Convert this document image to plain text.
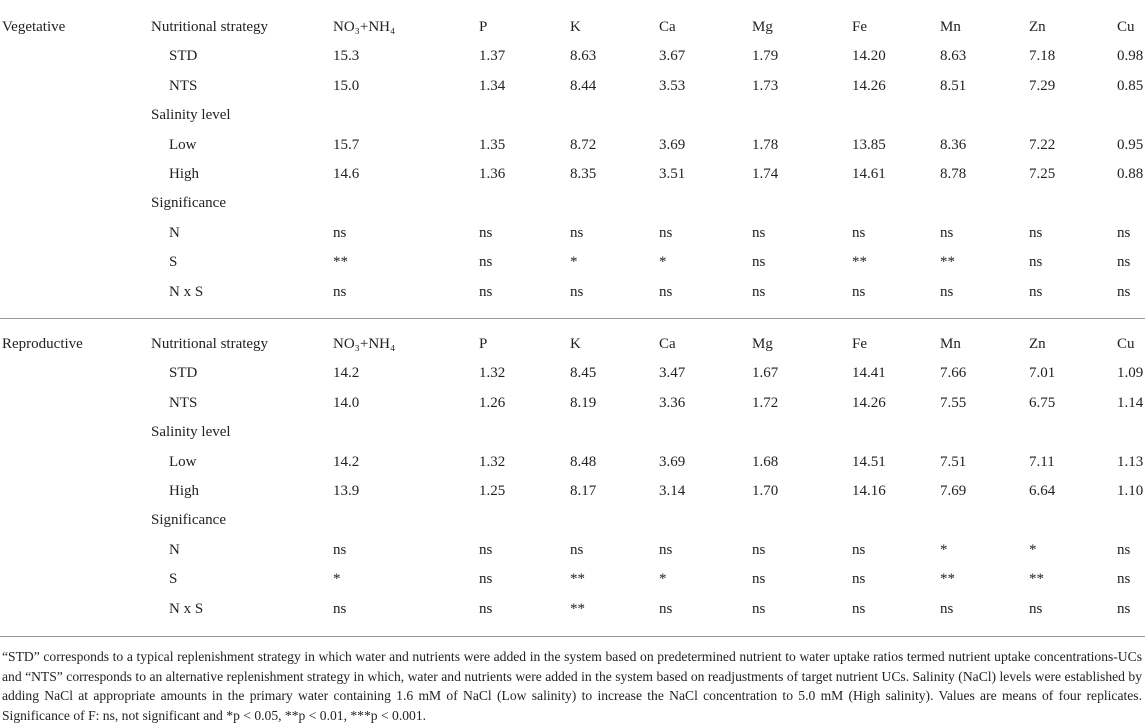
Vegetative	Nutritional strategy	NO₃+NH₄	P	K	Ca	Mg	Fe	Mn	Zn	Cu
STD	15.3	1.37	8.63	3.67	1.79	14.20	8.63	7.18	0.98
NTS	15.0	1.34	8.44	3.53	1.73	14.26	8.51	7.29	0.85
Salinity level
Low	15.7	1.35	8.72	3.69	1.78	13.85	8.36	7.22	0.95
High	14.6	1.36	8.35	3.51	1.74	14.61	8.78	7.25	0.88
Significance
N	ns	ns	ns	ns	ns	ns	ns	ns	ns
S	**	ns	*	*	ns	**	**	ns	ns
N x S	ns	ns	ns	ns	ns	ns	ns	ns	ns
Reproductive	Nutritional strategy	NO₃+NH₄	P	K	Ca	Mg	Fe	Mn	Zn	Cu
STD	14.2	1.32	8.45	3.47	1.67	14.41	7.66	7.01	1.09
NTS	14.0	1.26	8.19	3.36	1.72	14.26	7.55	6.75	1.14
Salinity level
Low	14.2	1.32	8.48	3.69	1.68	14.51	7.51	7.11	1.13
High	13.9	1.25	8.17	3.14	1.70	14.16	7.69	6.64	1.10
Significance
N	ns	ns	ns	ns	ns	ns	*	*	ns
S	*	ns	**	*	ns	ns	**	**	ns
N x S	ns	ns	**	ns	ns	ns	ns	ns	ns
“STD” corresponds to a typical replenishment strategy in which water and nutrients were added in the system based on predetermined nutrient to water uptake ratios termed nutrient uptake concentrations-UCs and “NTS” corresponds to an alternative replenishment strategy in which, water and nutrients were added in the system based on readjustments of target nutrient UCs. Salinity (NaCl) levels were established by adding NaCl at appropriate amounts in the primary water containing 1.6 mM of NaCl (Low salinity) to increase the NaCl concentration to 5.0 mM (High salinity). Values are means of four replicates. Significance of F: ns, not significant and *p < 0.05, **p < 0.01, ***p < 0.001.
